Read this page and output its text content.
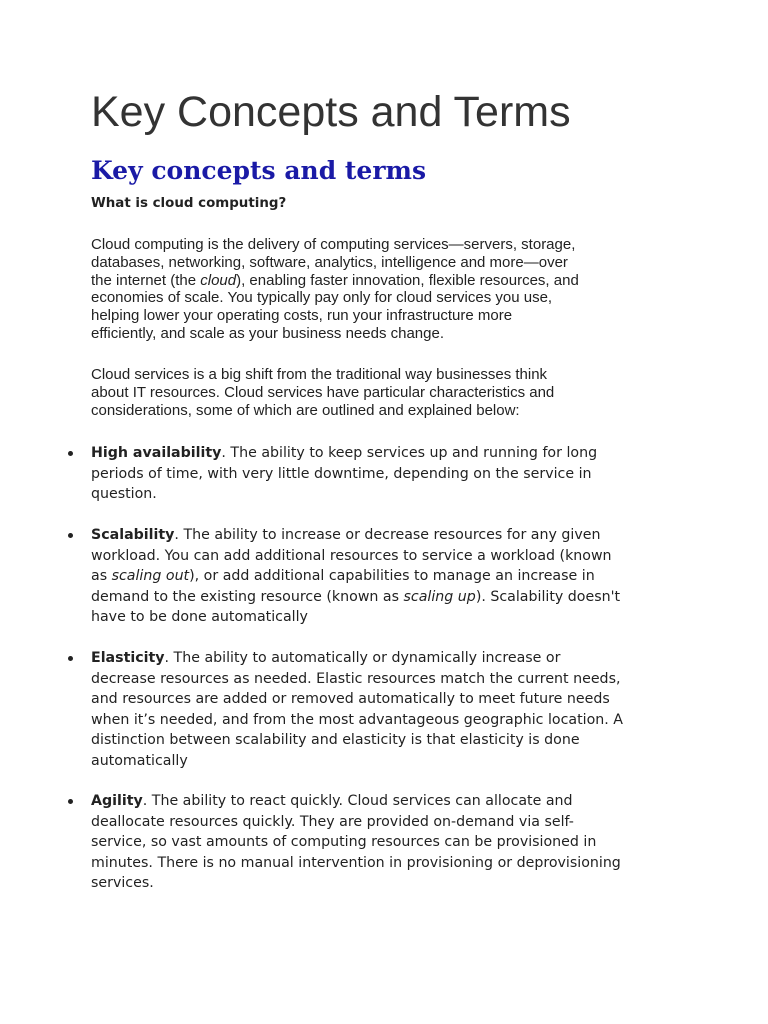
Key Concepts and Terms
Key concepts and terms

What is cloud computing?

Cloud computing is the delivery of computing services—servers, storage,
databases, networking, software, analytics, intelligence and more—over
the internet (the cloud), enabling faster innovation, flexible resources, and
economies of scale. You typically pay only for cloud services you use,
helping lower your operating costs, run your infrastructure more
efficiently, and scale as your business needs change.

Cloud services is a big shift from the traditional way businesses think
about IT resources. Cloud services have particular characteristics and
considerations, some of which are outlined and explained below:

High availability. The ability to keep services up and running for long
periods of time, with very little downtime, depending on the service in
question.
Scalability. The ability to increase or decrease resources for any given
workload. You can add additional resources to service a workload (known
as scaling out), or add additional capabilities to manage an increase in
demand to the existing resource (known as scaling up). Scalability doesn't
have to be done automatically
Elasticity. The ability to automatically or dynamically increase or
decrease resources as needed. Elastic resources match the current needs,
and resources are added or removed automatically to meet future needs
when it’s needed, and from the most advantageous geographic location. A
distinction between scalability and elasticity is that elasticity is done
automatically
Agility. The ability to react quickly. Cloud services can allocate and
deallocate resources quickly. They are provided on-demand via self-
service, so vast amounts of computing resources can be provisioned in
minutes. There is no manual intervention in provisioning or deprovisioning
services.
